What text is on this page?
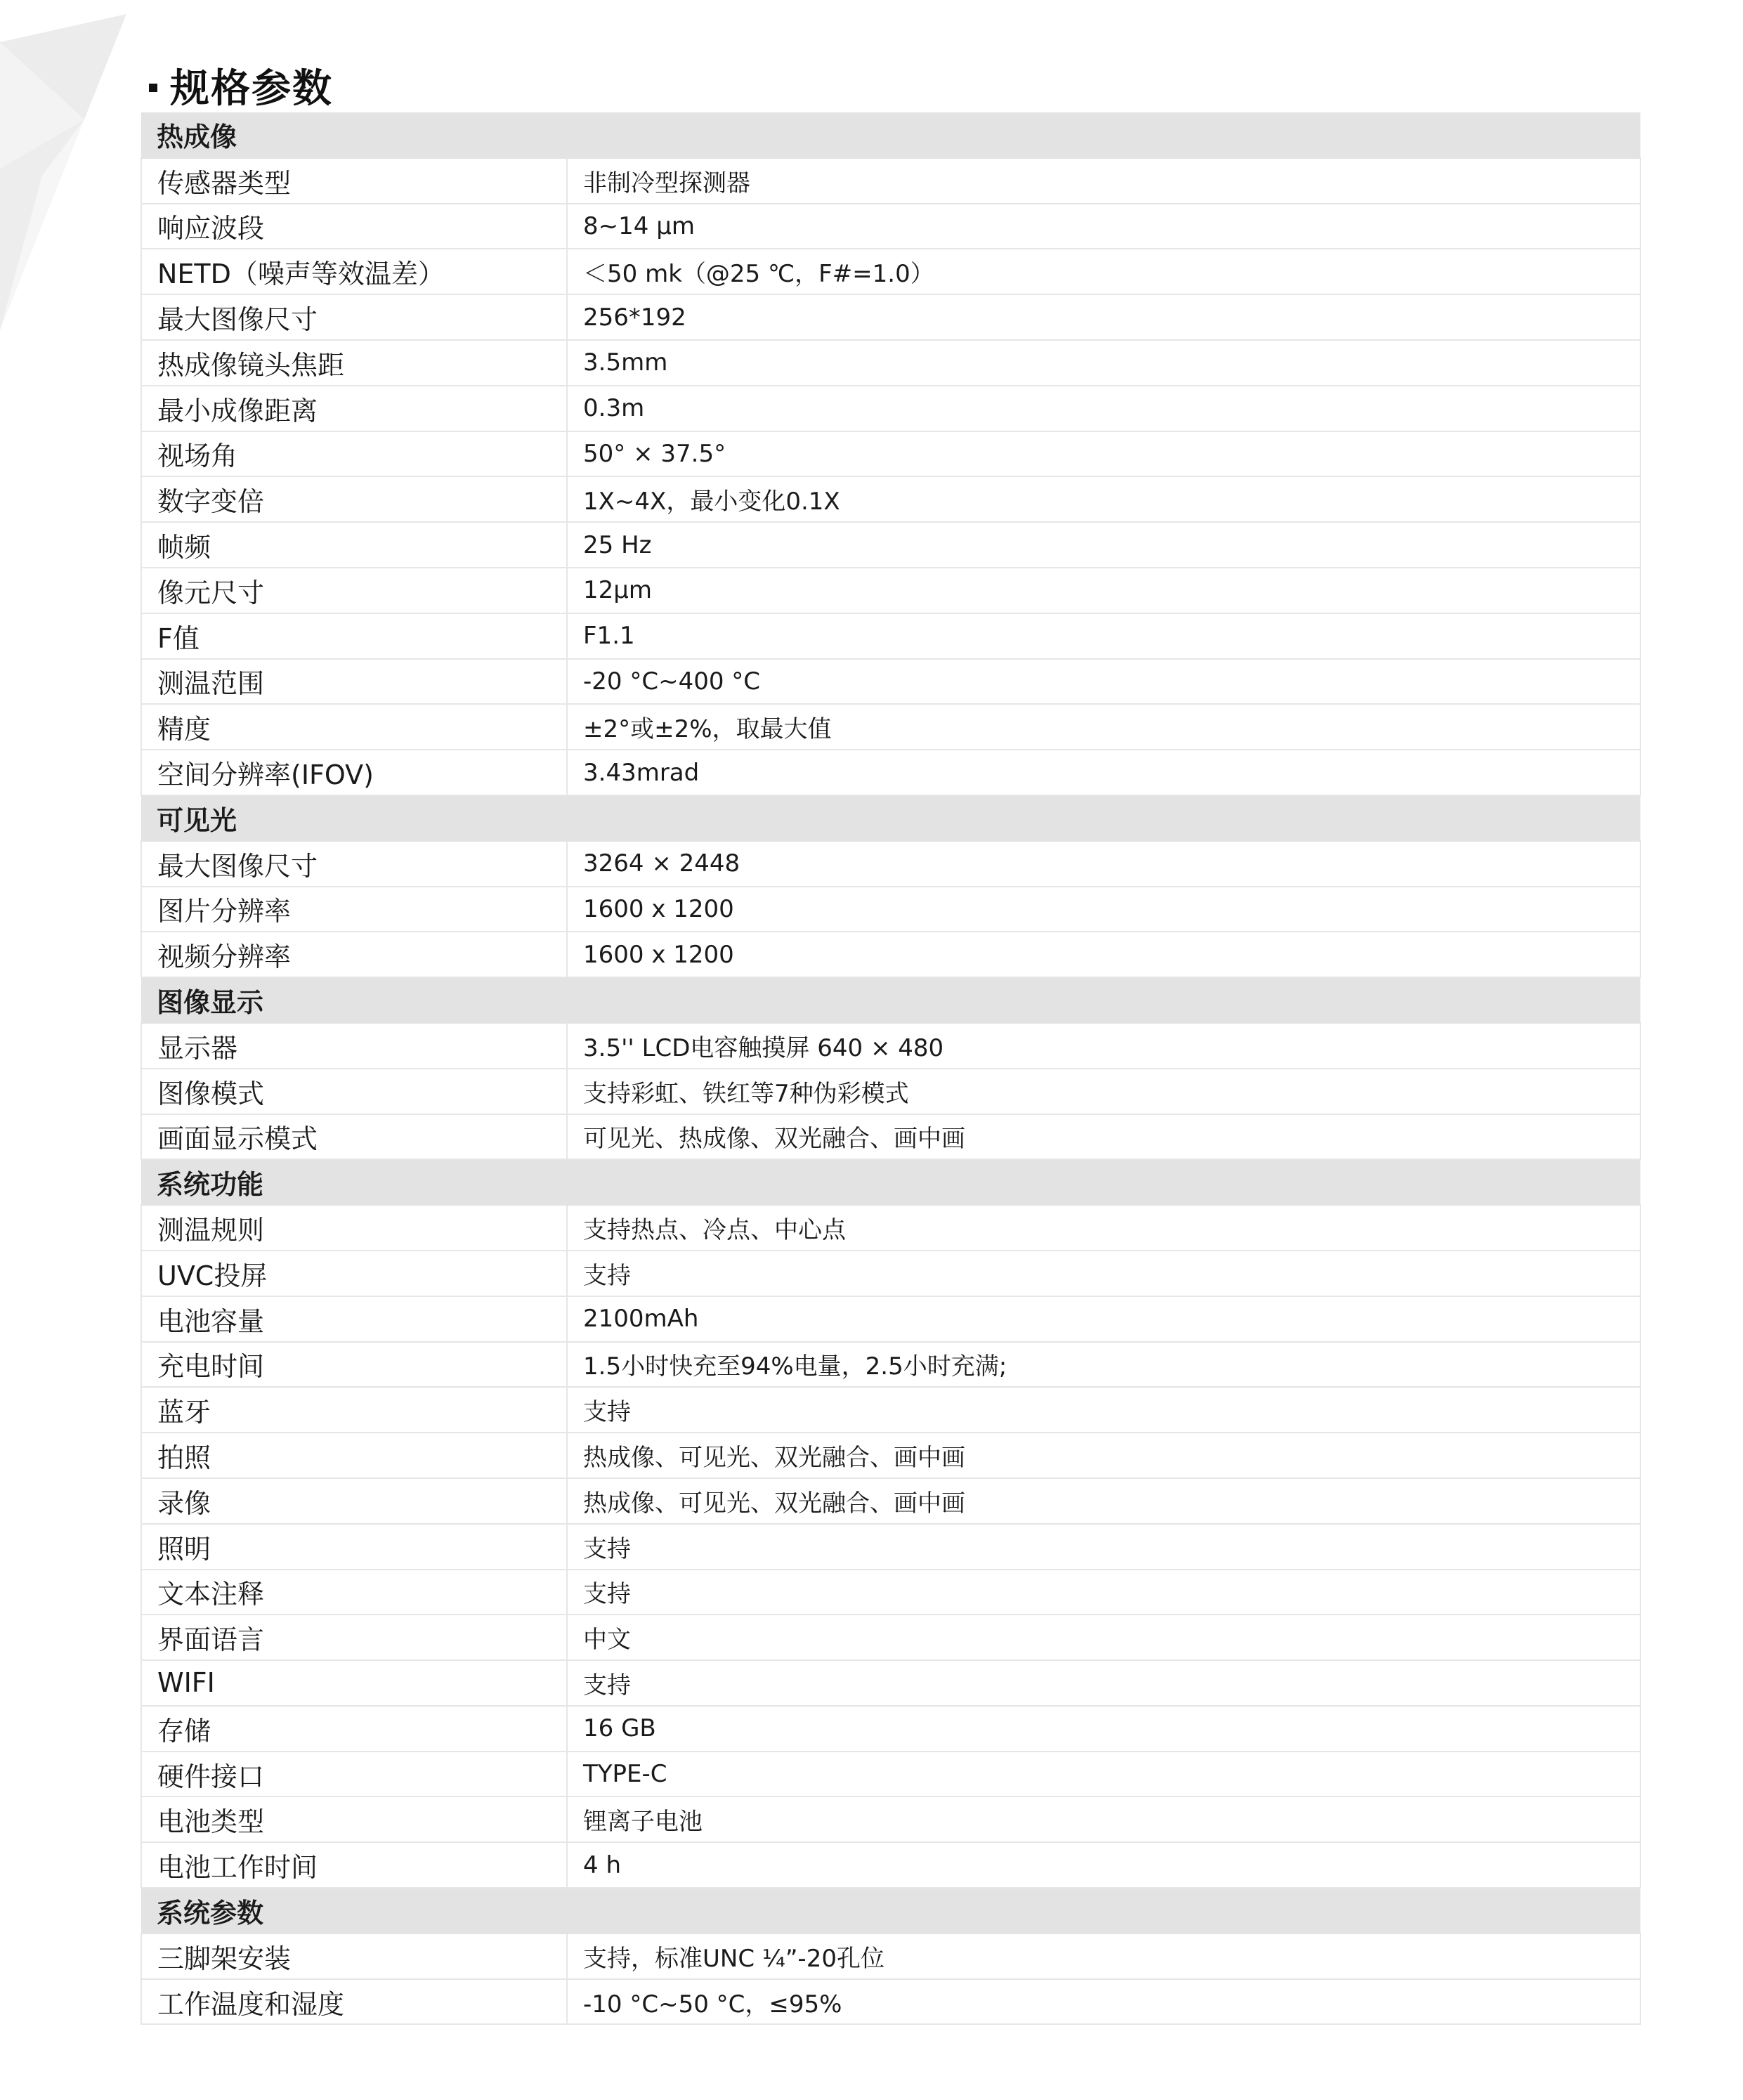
规格参数
热成像	
传感器类型	非制冷型探测器
响应波段	8~14 μm
NETD（噪声等效温差）	＜50 mk（@25 ℃，F#=1.0）
最大图像尺寸	256*192
热成像镜头焦距	3.5mm
最小成像距离	0.3m
视场角	50° × 37.5°
数字变倍	1X~4X，最小变化0.1X
帧频	25 Hz
像元尺寸	12μm
F值	F1.1
测温范围	-20 °C~400 °C
精度	±2°或±2%，取最大值
空间分辨率(IFOV)	3.43mrad
可见光	
最大图像尺寸	3264 × 2448
图片分辨率	1600 x 1200
视频分辨率	1600 x 1200
图像显示	
显示器	3.5'' LCD电容触摸屏 640 × 480
图像模式	支持彩虹、铁红等7种伪彩模式
画面显示模式	可见光、热成像、双光融合、画中画
系统功能	
测温规则	支持热点、冷点、中心点
UVC投屏	支持
电池容量	2100mAh
充电时间	1.5小时快充至94%电量，2.5小时充满;
蓝牙	支持
拍照	热成像、可见光、双光融合、画中画
录像	热成像、可见光、双光融合、画中画
照明	支持
文本注释	支持
界面语言	中文
WIFI	支持
存储	16 GB
硬件接口	TYPE-C
电池类型	锂离子电池
电池工作时间	4 h
系统参数	
三脚架安装	支持，标准UNC ¼”-20孔位
工作温度和湿度	-10 °C~50 °C，≤95%
